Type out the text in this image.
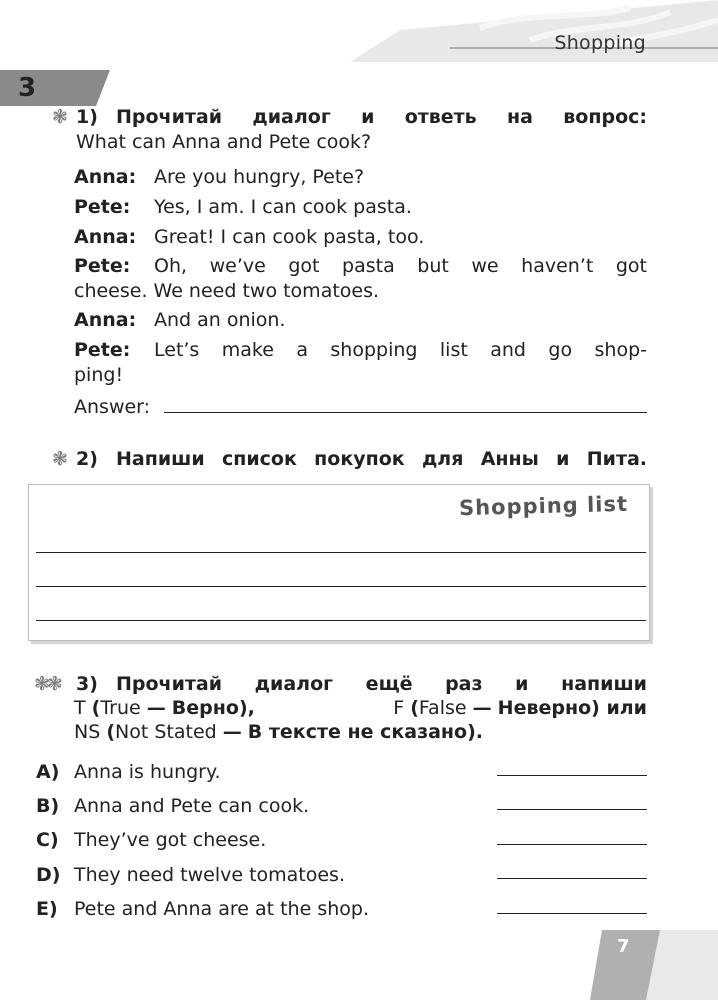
Shopping
3
❃ 1) Прочитай диалог и ответь на вопрос:
What can Anna and Pete cook?
Anna: Are you hungry, Pete?
Pete: Yes, I am. I can cook pasta.
Anna: Great! I can cook pasta, too.
Pete: Oh, we’ve got pasta but we haven’t got
cheese. We need two tomatoes.
Anna: And an onion.
Pete: Let’s make a shopping list and go shop-
ping!
Answer:
❃ 2) Напиши список покупок для Анны и Пита.
Shopping list
❃❃ 3) Прочитай диалог ещё раз и напиши
T (True — Верно),	F (False — Неверно) или
NS (Not Stated — В тексте не сказано).
A) Anna is hungry.
B) Anna and Pete can cook.
C) They’ve got cheese.
D) They need twelve tomatoes.
E) Pete and Anna are at the shop.
7
